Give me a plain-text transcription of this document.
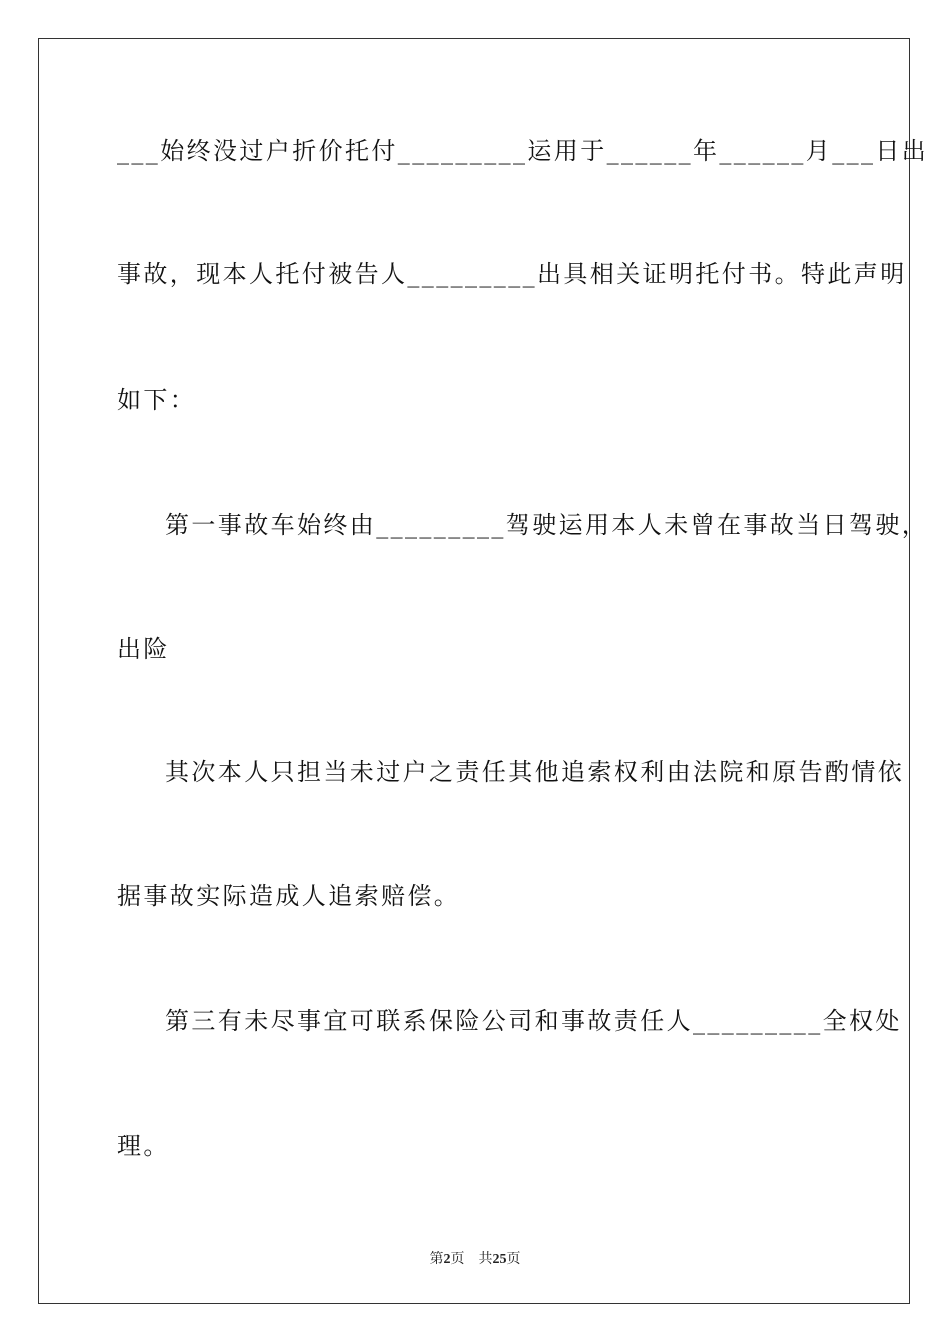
___始终没过户折价托付_________运用于______年______月___日出
事故，现本人托付被告人_________出具相关证明托付书。特此声明
如下：
第一事故车始终由_________驾驶运用本人未曾在事故当日驾驶，
出险
其次本人只担当未过户之责任其他追索权利由法院和原告酌情依
据事故实际造成人追索赔偿。
第三有未尽事宜可联系保险公司和事故责任人_________全权处
理。
第2页 共25页
